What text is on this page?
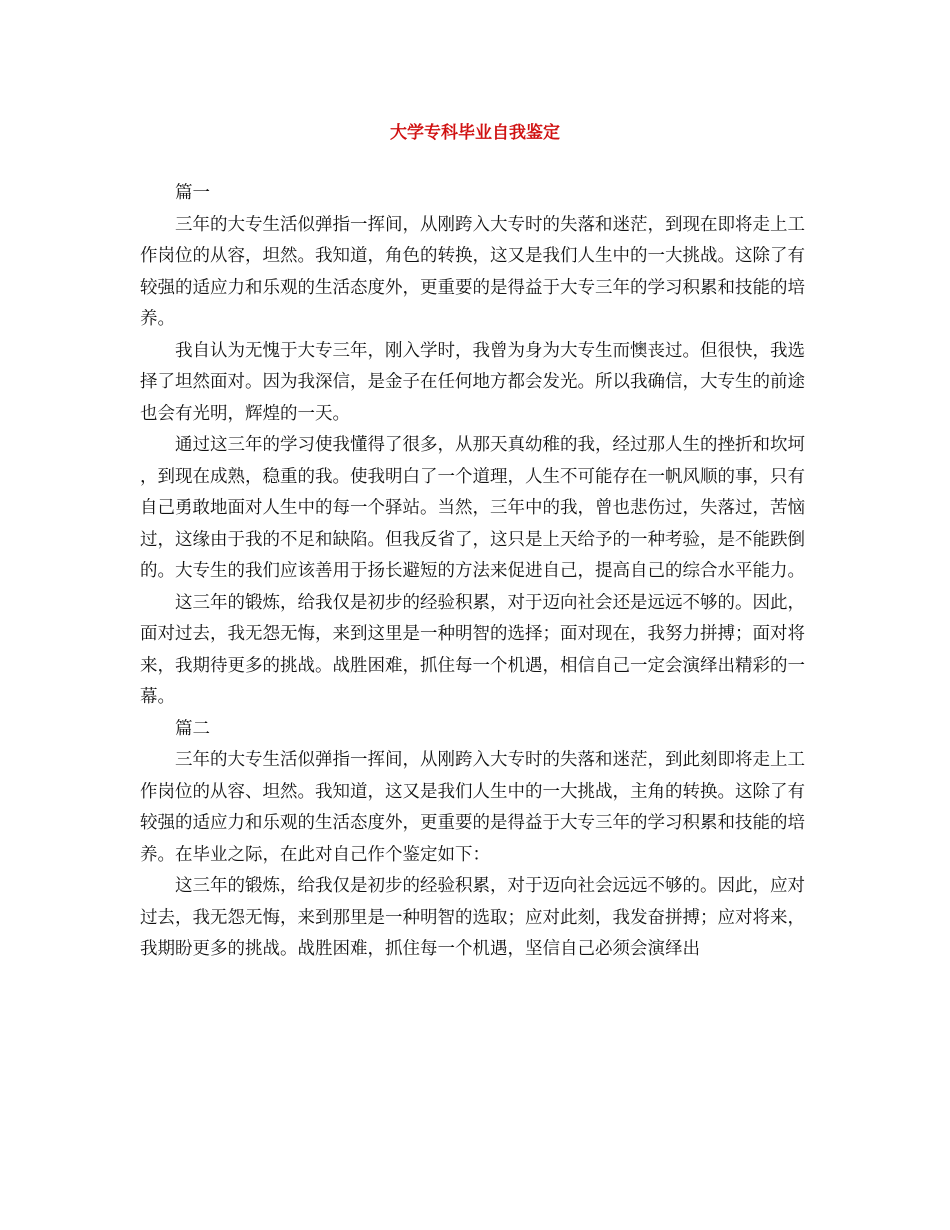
大学专科毕业自我鉴定

篇一

三年的大专生活似弹指一挥间，从刚跨入大专时的失落和迷茫，到现在即将走上工作岗位的从容，坦然。我知道，角色的转换，这又是我们人生中的一大挑战。这除了有较强的适应力和乐观的生活态度外，更重要的是得益于大专三年的学习积累和技能的培养。

我自认为无愧于大专三年，刚入学时，我曾为身为大专生而懊丧过。但很快，我选择了坦然面对。因为我深信，是金子在任何地方都会发光。所以我确信，大专生的前途也会有光明，辉煌的一天。

通过这三年的学习使我懂得了很多，从那天真幼稚的我，经过那人生的挫折和坎坷，到现在成熟，稳重的我。使我明白了一个道理，人生不可能存在一帆风顺的事，只有自己勇敢地面对人生中的每一个驿站。当然，三年中的我，曾也悲伤过，失落过，苦恼过，这缘由于我的不足和缺陷。但我反省了，这只是上天给予的一种考验，是不能跌倒的。大专生的我们应该善用于扬长避短的方法来促进自己，提高自己的综合水平能力。

这三年的锻炼，给我仅是初步的经验积累，对于迈向社会还是远远不够的。因此，面对过去，我无怨无悔，来到这里是一种明智的选择；面对现在，我努力拼搏；面对将来，我期待更多的挑战。战胜困难，抓住每一个机遇，相信自己一定会演绎出精彩的一幕。

篇二

三年的大专生活似弹指一挥间，从刚跨入大专时的失落和迷茫，到此刻即将走上工作岗位的从容、坦然。我知道，这又是我们人生中的一大挑战，主角的转换。这除了有较强的适应力和乐观的生活态度外，更重要的是得益于大专三年的学习积累和技能的培养。在毕业之际，在此对自己作个鉴定如下：

这三年的锻炼，给我仅是初步的经验积累，对于迈向社会远远不够的。因此，应对过去，我无怨无悔，来到那里是一种明智的选取；应对此刻，我发奋拼搏；应对将来，我期盼更多的挑战。战胜困难，抓住每一个机遇，坚信自己必须会演绎出
